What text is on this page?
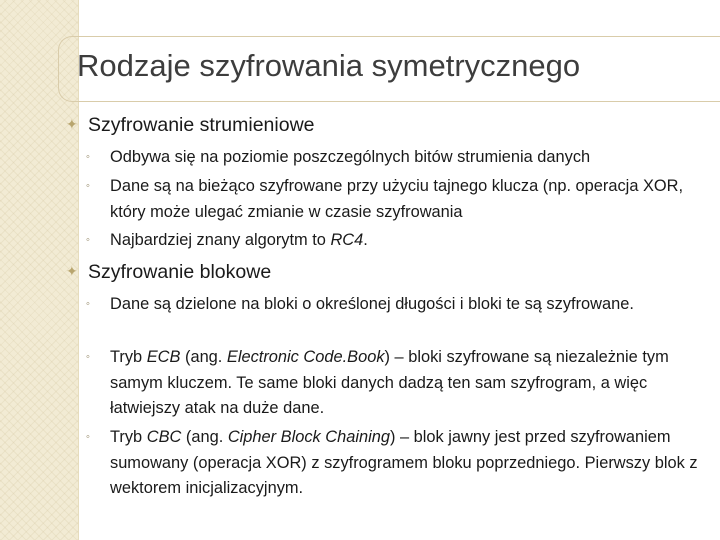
Rodzaje szyfrowania symetrycznego
✦ Szyfrowanie strumieniowe
◦	Odbywa się na poziomie poszczególnych bitów strumienia danych
◦	Dane są na bieżąco szyfrowane przy użyciu tajnego klucza (np. operacja XOR, który może ulegać zmianie w czasie szyfrowania
◦	Najbardziej znany algorytm to RC4.
✦ Szyfrowanie blokowe
◦	Dane są dzielone na bloki o określonej długości i bloki te są szyfrowane.
◦	Tryb ECB (ang. Electronic Code.Book) – bloki szyfrowane są niezależnie tym samym kluczem. Te same bloki danych dadzą ten sam szyfrogram, a więc łatwiejszy atak na duże dane.
◦	Tryb CBC (ang. Cipher Block Chaining) – blok jawny jest przed szyfrowaniem sumowany (operacja XOR) z szyfrogramem bloku poprzedniego. Pierwszy blok z wektorem inicjalizacyjnym.
